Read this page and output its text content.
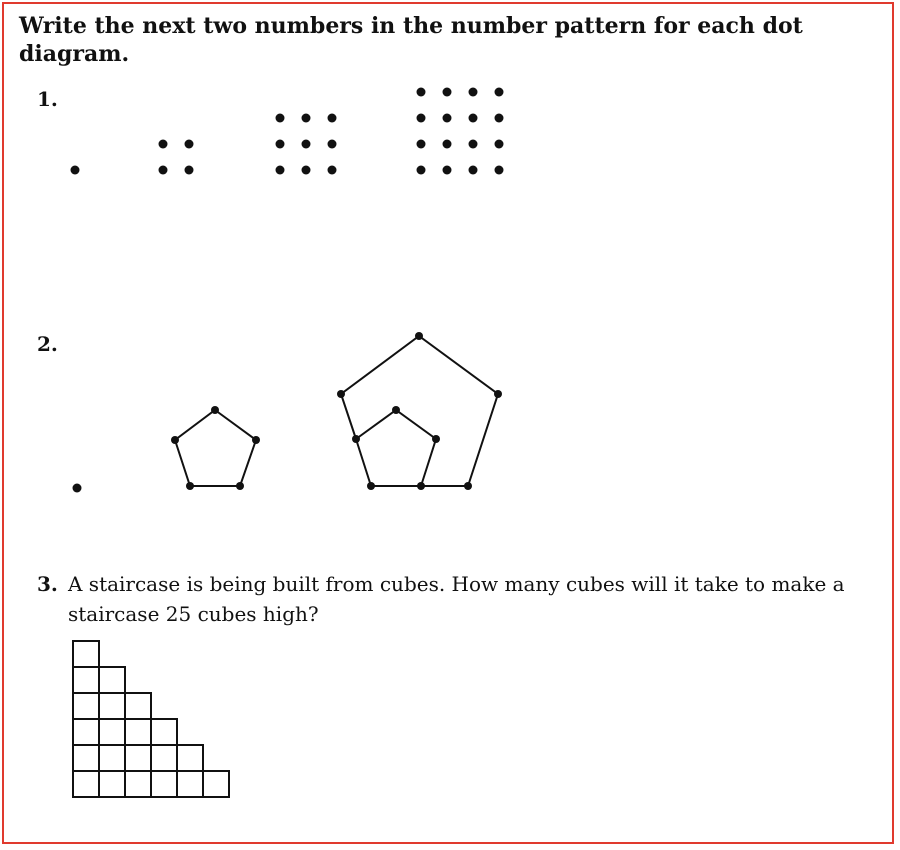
Write the next two numbers in the number pattern for each dot diagram.
1.
2.
3. A staircase is being built from cubes. How many cubes will it take to make a staircase 25 cubes high?
